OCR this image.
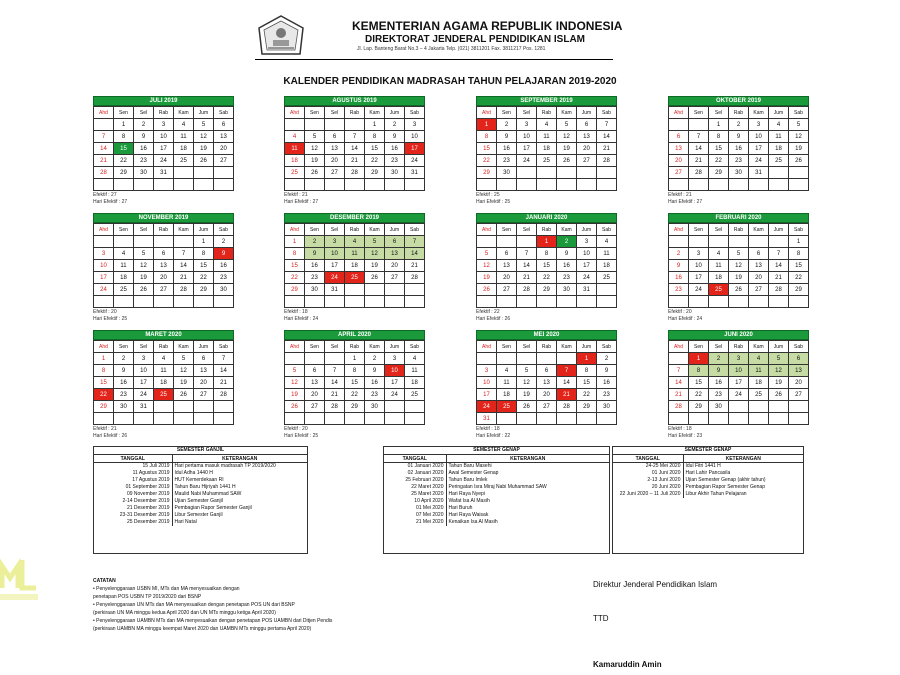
KEMENTERIAN AGAMA REPUBLIK INDONESIA
DIREKTORAT JENDERAL PENDIDIKAN ISLAM
Jl. Lap. Banteng Barat No.3 – 4 Jakarta Telp. (021) 3811201 Fax. 3811217 Pos. 1281
KALENDER PENDIDIKAN MADRASAH TAHUN PELAJARAN 2019-2020
JULI 2019
Ahd	Sen	Sel	Rab	Kam	Jum	Sab
	1	2	3	4	5	6
7	8	9	10	11	12	13
14	15	16	17	18	19	20
21	22	23	24	25	26	27
28	29	30	31			

Efektif : 27
Hari Efektif : 27
AGUSTUS 2019
Ahd	Sen	Sel	Rab	Kam	Jum	Sab
				1	2	3
4	5	6	7	8	9	10
11	12	13	14	15	16	17
18	19	20	21	22	23	24
25	26	27	28	29	30	31

Efektif : 21
Hari Efektif : 27
SEPTEMBER 2019
Ahd	Sen	Sel	Rab	Kam	Jum	Sab
1	2	3	4	5	6	7
8	9	10	11	12	13	14
15	16	17	18	19	20	21
22	23	24	25	26	27	28
29	30					

Efektif : 25
Hari Efektif : 25
OKTOBER 2019
Ahd	Sen	Sel	Rab	Kam	Jum	Sab
		1	2	3	4	5
6	7	8	9	10	11	12
13	14	15	16	17	18	19
20	21	22	23	24	25	26
27	28	29	30	31		

Efektif : 21
Hari Efektif : 27
NOVEMBER 2019
Ahd	Sen	Sel	Rab	Kam	Jum	Sab
					1	2
3	4	5	6	7	8	9
10	11	12	13	14	15	16
17	18	19	20	21	22	23
24	25	26	27	28	29	30

Efektif : 20
Hari Efektif : 25
DESEMBER 2019
Ahd	Sen	Sel	Rab	Kam	Jum	Sab
1	2	3	4	5	6	7
8	9	10	11	12	13	14
15	16	17	18	19	20	21
22	23	24	25	26	27	28
29	30	31				

Efektif : 18
Hari Efektif : 24
JANUARI 2020
Ahd	Sen	Sel	Rab	Kam	Jum	Sab
			1	2	3	4
5	6	7	8	9	10	11
12	13	14	15	16	17	18
19	20	21	22	23	24	25
26	27	28	29	30	31	

Efektif : 22
Hari Efektif : 26
FEBRUARI 2020
Ahd	Sen	Sel	Rab	Kam	Jum	Sab
						1
2	3	4	5	6	7	8
9	10	11	12	13	14	15
16	17	18	19	20	21	22
23	24	25	26	27	28	29

Efektif : 20
Hari Efektif : 24
MARET 2020
Ahd	Sen	Sel	Rab	Kam	Jum	Sab
1	2	3	4	5	6	7
8	9	10	11	12	13	14
15	16	17	18	19	20	21
22	23	24	25	26	27	28
29	30	31				

Efektif : 21
Hari Efektif : 26
APRIL 2020
Ahd	Sen	Sel	Rab	Kam	Jum	Sab
			1	2	3	4
5	6	7	8	9	10	11
12	13	14	15	16	17	18
19	20	21	22	23	24	25
26	27	28	29	30		

Efektif : 20
Hari Efektif : 25
MEI 2020
Ahd	Sen	Sel	Rab	Kam	Jum	Sab
					1	2
3	4	5	6	7	8	9
10	11	12	13	14	15	16
17	18	19	20	21	22	23
24	25	26	27	28	29	30
31						
Efektif : 18
Hari Efektif : 22
JUNI 2020
Ahd	Sen	Sel	Rab	Kam	Jum	Sab
	1	2	3	4	5	6
7	8	9	10	11	12	13
14	15	16	17	18	19	20
21	22	23	24	25	26	27
28	29	30				

Efektif : 18
Hari Efektif : 23
SEMESTER GANJIL
TANGGAL	KETERANGAN
15 Juli 2019	Hari pertama masuk madrasah TP 2019/2020
11 Agustus 2019	Idul Adha 1440 H
17 Agustus 2019	HUT Kemerdekaan RI
01 September 2019	Tahun Baru Hijriyah 1441 H
09 November 2019	Maulid Nabi Muhammad SAW
2-14 Desember 2019	Ujian Semester Ganjil
21 Desember 2019	Pembagian Rapor Semester Ganjil
23-31 Desember 2019	Libur Semester Ganjil
25 Desember 2019	Hari Natal
SEMESTER GENAP
TANGGAL	KETERANGAN
01 Januari 2020	Tahun Baru Masehi
02 Januari 2020	Awal Semester Genap
25 Februari 2020	Tahun Baru Imlek
22 Maret 2020	Peringatan Isra Miraj Nabi Muhammad SAW
25 Maret 2020	Hari Raya Nyepi
10 April 2020	Wafat Isa Al Masih
01 Mei 2020	Hari Buruh
07 Mei 2020	Hari Raya Waisak
21 Mei 2020	Kenaikan Isa Al Masih
SEMESTER GENAP
TANGGAL	KETERANGAN
24-25 Mei 2020	Idul Fitri 1441 H
01 Juni 2020	Hari Lahir Pancasila
2-13 Juni 2020	Ujian Semester Genap (akhir tahun)
20 Juni 2020	Pembagian Rapor Semester Genap
22 Juni 2020 – 11 Juli 2020	Libur Akhir Tahun Pelajaran
CATATAN
• Penyelenggaraan USBN MI, MTs dan MA menyesuaikan dengan
penetapan POS USBN TP 2019/2020 dari BSNP
• Penyelenggaraan UN MTs dan MA menyesuaikan dengan penetapan POS UN dari BSNP
(perkiraan UN MA minggu kedua April 2020 dan UN MTs minggu ketiga April 2020)
• Penyelenggaraan UAMBN MTs dan MA menyesuaikan dengan penetapan POS UAMBN dari Ditjen Pendis
(perkiraan UAMBN MA minggu keempat Maret 2020 dan UAMBN MTs minggu pertama April 2020)
Direktur Jenderal Pendidikan Islam
TTD
Kamaruddin Amin
